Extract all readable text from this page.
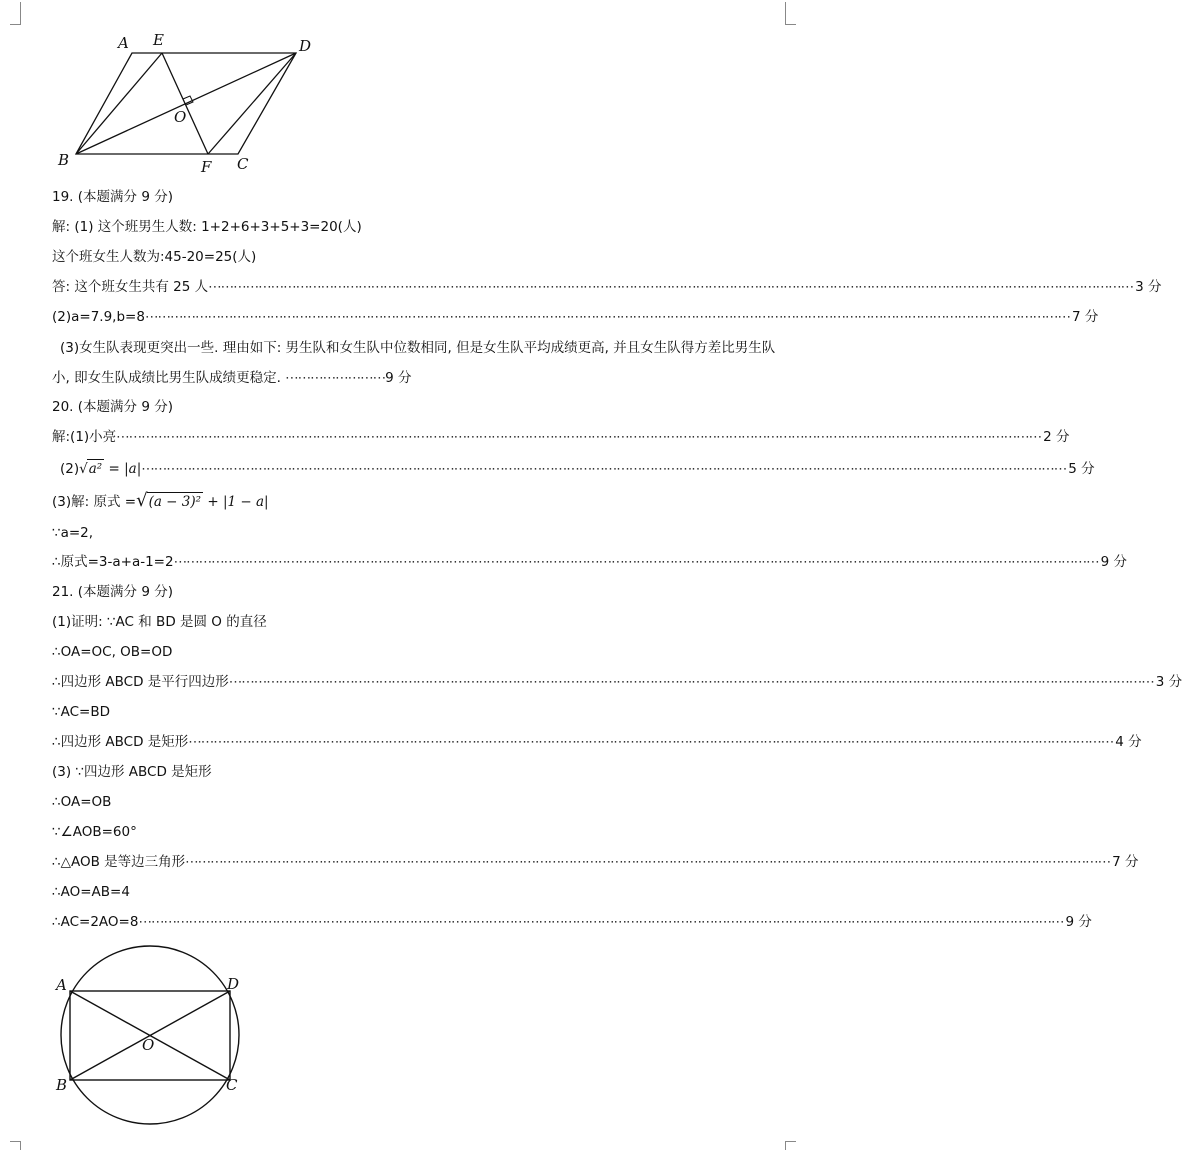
A E	D
O
B	F C
19. (本题满分 9 分)
解: (1) 这个班男生人数: 1+2+6+3+5+3=20(人)
这个班女生人数为:45-20=25(人)
答: 这个班女生共有 25 人 ⋯⋯⋯⋯⋯⋯⋯⋯⋯⋯⋯⋯⋯⋯⋯⋯⋯⋯⋯⋯⋯⋯⋯⋯⋯⋯⋯⋯⋯⋯⋯⋯⋯⋯⋯⋯⋯⋯⋯⋯⋯⋯⋯⋯⋯⋯⋯⋯⋯⋯⋯⋯⋯⋯⋯⋯⋯⋯⋯⋯⋯⋯⋯⋯⋯⋯⋯⋯⋯⋯⋯⋯⋯⋯ 3 分
(2)a=7.9,b=8 ⋯⋯⋯⋯⋯⋯⋯⋯⋯⋯⋯⋯⋯⋯⋯⋯⋯⋯⋯⋯⋯⋯⋯⋯⋯⋯⋯⋯⋯⋯⋯⋯⋯⋯⋯⋯⋯⋯⋯⋯⋯⋯⋯⋯⋯⋯⋯⋯⋯⋯⋯⋯⋯⋯⋯⋯⋯⋯⋯⋯⋯⋯⋯⋯⋯⋯⋯⋯⋯⋯⋯⋯⋯⋯ 7 分
(3)女生队表现更突出一些. 理由如下: 男生队和女生队中位数相同, 但是女生队平均成绩更高, 并且女生队得方差比男生队小, 即女生队成绩比男生队成绩更稳定. ⋯⋯⋯⋯⋯⋯⋯⋯9 分
20. (本题满分 9 分)
解:(1)小亮 ⋯⋯⋯⋯⋯⋯⋯⋯⋯⋯⋯⋯⋯⋯⋯⋯⋯⋯⋯⋯⋯⋯⋯⋯⋯⋯⋯⋯⋯⋯⋯⋯⋯⋯⋯⋯⋯⋯⋯⋯⋯⋯⋯⋯⋯⋯⋯⋯⋯⋯⋯⋯⋯⋯⋯⋯⋯⋯⋯⋯⋯⋯⋯⋯⋯⋯⋯⋯⋯⋯⋯⋯⋯⋯ 2 分
(2) √a² = |a| ⋯⋯⋯⋯⋯⋯⋯⋯⋯⋯⋯⋯⋯⋯⋯⋯⋯⋯⋯⋯⋯⋯⋯⋯⋯⋯⋯⋯⋯⋯⋯⋯⋯⋯⋯⋯⋯⋯⋯⋯⋯⋯⋯⋯⋯⋯⋯⋯⋯⋯⋯⋯⋯⋯⋯⋯⋯⋯⋯⋯⋯⋯⋯⋯⋯⋯⋯⋯⋯⋯⋯⋯⋯⋯ 5 分
(3)解: 原式 = √(a − 3)² + |1 − a|
∵a=2,
∴原式=3-a+a-1=2 ⋯⋯⋯⋯⋯⋯⋯⋯⋯⋯⋯⋯⋯⋯⋯⋯⋯⋯⋯⋯⋯⋯⋯⋯⋯⋯⋯⋯⋯⋯⋯⋯⋯⋯⋯⋯⋯⋯⋯⋯⋯⋯⋯⋯⋯⋯⋯⋯⋯⋯⋯⋯⋯⋯⋯⋯⋯⋯⋯⋯⋯⋯⋯⋯⋯⋯⋯⋯⋯⋯⋯⋯⋯⋯ 9 分
21. (本题满分 9 分)
(1)证明: ∵AC 和 BD 是圆 O 的直径
∴OA=OC, OB=OD
∴四边形 ABCD 是平行四边形 ⋯⋯⋯⋯⋯⋯⋯⋯⋯⋯⋯⋯⋯⋯⋯⋯⋯⋯⋯⋯⋯⋯⋯⋯⋯⋯⋯⋯⋯⋯⋯⋯⋯⋯⋯⋯⋯⋯⋯⋯⋯⋯⋯⋯⋯⋯⋯⋯⋯⋯⋯⋯⋯⋯⋯⋯⋯⋯⋯⋯⋯⋯⋯⋯⋯⋯⋯⋯⋯⋯⋯⋯⋯⋯ 3 分
∵AC=BD
∴四边形 ABCD 是矩形 ⋯⋯⋯⋯⋯⋯⋯⋯⋯⋯⋯⋯⋯⋯⋯⋯⋯⋯⋯⋯⋯⋯⋯⋯⋯⋯⋯⋯⋯⋯⋯⋯⋯⋯⋯⋯⋯⋯⋯⋯⋯⋯⋯⋯⋯⋯⋯⋯⋯⋯⋯⋯⋯⋯⋯⋯⋯⋯⋯⋯⋯⋯⋯⋯⋯⋯⋯⋯⋯⋯⋯⋯⋯⋯ 4 分
(3) ∵四边形 ABCD 是矩形
∴OA=OB
∵∠AOB=60°
∴△AOB 是等边三角形 ⋯⋯⋯⋯⋯⋯⋯⋯⋯⋯⋯⋯⋯⋯⋯⋯⋯⋯⋯⋯⋯⋯⋯⋯⋯⋯⋯⋯⋯⋯⋯⋯⋯⋯⋯⋯⋯⋯⋯⋯⋯⋯⋯⋯⋯⋯⋯⋯⋯⋯⋯⋯⋯⋯⋯⋯⋯⋯⋯⋯⋯⋯⋯⋯⋯⋯⋯⋯⋯⋯⋯⋯⋯⋯ 7 分
∴AO=AB=4
∴AC=2AO=8 ⋯⋯⋯⋯⋯⋯⋯⋯⋯⋯⋯⋯⋯⋯⋯⋯⋯⋯⋯⋯⋯⋯⋯⋯⋯⋯⋯⋯⋯⋯⋯⋯⋯⋯⋯⋯⋯⋯⋯⋯⋯⋯⋯⋯⋯⋯⋯⋯⋯⋯⋯⋯⋯⋯⋯⋯⋯⋯⋯⋯⋯⋯⋯⋯⋯⋯⋯⋯⋯⋯⋯⋯⋯⋯ 9 分
A	D
O
B	C
